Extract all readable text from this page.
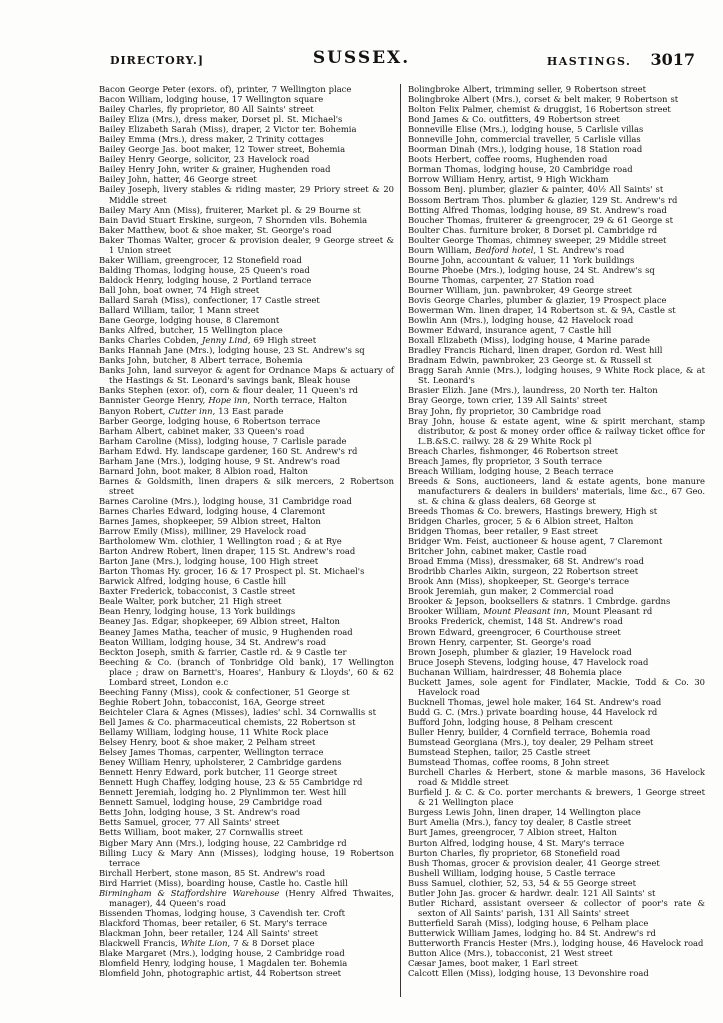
DIRECTORY.]	SUSSEX.	HASTINGS. 3017
Bacon George Peter (exors. of), printer, 7 Wellington place
Bacon William, lodging house, 17 Wellington square
Bailey Charles, fly proprietor, 80 All Saints' street
Bailey Eliza (Mrs.), dress maker, Dorset pl. St. Michael's
Bailey Elizabeth Sarah (Miss), draper, 2 Victor ter. Bohemia
Bailey Emma (Mrs.), dress maker, 2 Trinity cottages
Bailey George Jas. boot maker, 12 Tower street, Bohemia
Bailey Henry George, solicitor, 23 Havelock road
Bailey Henry John, writer & grainer, Hughenden road
Bailey John, hatter, 46 George street
Bailey Joseph, livery stables & riding master, 29 Priory street & 20 Middle street
Bailey Mary Ann (Miss), fruiterer, Market pl. & 29 Bourne st
Bain David Stuart Erskine, surgeon, 7 Shornden vils. Bohemia
Baker Matthew, boot & shoe maker, St. George's road
Baker Thomas Walter, grocer & provision dealer, 9 George street & 1 Union street
Baker William, greengrocer, 12 Stonefield road
Balding Thomas, lodging house, 25 Queen's road
Baldock Henry, lodging house, 2 Portland terrace
Ball John, boat owner, 74 High street
Ballard Sarah (Miss), confectioner, 17 Castle street
Ballard William, tailor, 1 Mann street
Bane George, lodging house, 8 Claremont
Banks Alfred, butcher, 15 Wellington place
Banks Charles Cobden, Jenny Lind, 69 High street
Banks Hannah Jane (Mrs.), lodging house, 23 St. Andrew's sq
Banks John, butcher, 8 Albert terrace, Bohemia
Banks John, land surveyor & agent for Ordnance Maps & actuary of the Hastings & St. Leonard's savings bank, Bleak house
Banks Stephen (exor. of), corn & flour dealer, 11 Queen's rd
Bannister George Henry, Hope inn, North terrace, Halton
Banyon Robert, Cutter inn, 13 East parade
Barber George, lodging house, 6 Robertson terrace
Barham Albert, cabinet maker, 33 Queen's road
Barham Caroline (Miss), lodging house, 7 Carlisle parade
Barham Edwd. Hy. landscape gardener, 160 St. Andrew's rd
Barham Jane (Mrs.), lodging house, 9 St. Andrew's road
Barnard John, boot maker, 8 Albion road, Halton
Barnes & Goldsmith, linen drapers & silk mercers, 2 Robertson street
Barnes Caroline (Mrs.), lodging house, 31 Cambridge road
Barnes Charles Edward, lodging house, 4 Claremont
Barnes James, shopkeeper, 59 Albion street, Halton
Barrow Emily (Miss), milliner, 29 Havelock road
Bartholomew Wm. clothier, 1 Wellington road ; & at Rye
Barton Andrew Robert, linen draper, 115 St. Andrew's road
Barton Jane (Mrs.), lodging house, 100 High street
Barton Thomas Hy. grocer, 16 & 17 Prospect pl. St. Michael's
Barwick Alfred, lodging house, 6 Castle hill
Baxter Frederick, tobacconist, 3 Castle street
Beale Walter, pork butcher, 21 High street
Bean Henry, lodging house, 13 York buildings
Beaney Jas. Edgar, shopkeeper, 69 Albion street, Halton
Beaney James Matha, teacher of music, 9 Hughenden road
Beaton William, lodging house, 34 St. Andrew's road
Beckton Joseph, smith & farrier, Castle rd. & 9 Castle ter
Beeching & Co. (branch of Tonbridge Old bank), 17 Wellington place ; draw on Barnett's, Hoares', Hanbury & Lloyds', 60 & 62 Lombard street, London e.c
Beeching Fanny (Miss), cook & confectioner, 51 George st
Beghie Robert John, tobacconist, 16A, George street
Beichteler Clara & Agnes (Misses), ladies' schl. 34 Cornwallis st
Bell James & Co. pharmaceutical chemists, 22 Robertson st
Bellamy William, lodging house, 11 White Rock place
Belsey Henry, boot & shoe maker, 2 Pelham street
Belsey James Thomas, carpenter, Wellington terrace
Beney William Henry, upholsterer, 2 Cambridge gardens
Bennett Henry Edward, pork butcher, 11 George street
Bennett Hugh Chaffey, lodging house, 23 & 55 Cambridge rd
Bennett Jeremiah, lodging ho. 2 Plynlimmon ter. West hill
Bennett Samuel, lodging house, 29 Cambridge road
Betts John, lodging house, 3 St. Andrew's road
Betts Samuel, grocer, 77 All Saints' street
Betts William, boot maker, 27 Cornwallis street
Bigber Mary Ann (Mrs.), lodging house, 22 Cambridge rd
Billing Lucy & Mary Ann (Misses), lodging house, 19 Robertson terrace
Birchall Herbert, stone mason, 85 St. Andrew's road
Bird Harriet (Miss), boarding house, Castle ho. Castle hill
Birmingham & Staffordshire Warehouse (Henry Alfred Thwaites, manager), 44 Queen's road
Bissenden Thomas, lodging house, 3 Cavendish ter. Croft
Blackford Thomas, beer retailer, 6 St. Mary's terrace
Blackman John, beer retailer, 124 All Saints' street
Blackwell Francis, White Lion, 7 & 8 Dorset place
Blake Margaret (Mrs.), lodging house, 2 Cambridge road
Blomfield Henry, lodging house, 1 Magdalen ter. Bohemia
Blomfield John, photographic artist, 44 Robertson street
Bolingbroke Albert, trimming seller, 9 Robertson street
Bolingbroke Albert (Mrs.), corset & belt maker, 9 Robertson st
Bolton Felix Palmer, chemist & druggist, 16 Robertson street
Bond James & Co. outfitters, 49 Robertson street
Bonneville Elise (Mrs.), lodging house, 5 Carlisle villas
Bonneville John, commercial traveller, 5 Carlisle villas
Boorman Dinah (Mrs.), lodging house, 18 Station road
Boots Herbert, coffee rooms, Hughenden road
Borman Thomas, lodging house, 20 Cambridge road
Borrow William Henry, artist, 9 High Wickham
Bossom Benj. plumber, glazier & painter, 40½ All Saints' st
Bossom Bertram Thos. plumber & glazier, 129 St. Andrew's rd
Botting Alfred Thomas, lodging house, 89 St. Andrew's road
Boucher Thomas, fruiterer & greengrocer, 29 & 61 George st
Boulter Chas. furniture broker, 8 Dorset pl. Cambridge rd
Boulter George Thomas, chimney sweeper, 29 Middle street
Bourn William, Bedford hotel, 1 St. Andrew's road
Bourne John, accountant & valuer, 11 York buildings
Bourne Phoebe (Mrs.), lodging house, 24 St. Andrew's sq
Bourne Thomas, carpenter, 27 Station road
Bourner William, jun. pawnbroker, 49 George street
Bovis George Charles, plumber & glazier, 19 Prospect place
Bowerman Wm. linen draper, 14 Robertson st. & 9A, Castle st
Bowlin Ann (Mrs.), lodging house, 42 Havelock road
Bowmer Edward, insurance agent, 7 Castle hill
Boxall Elizabeth (Miss), lodging house, 4 Marine parade
Bradley Francis Richard, linen draper, Gordon rd. West hill
Bradnam Edwin, pawnbroker, 23 George st. & Russell st
Bragg Sarah Annie (Mrs.), lodging houses, 9 White Rock place, & at St. Leonard's
Brasier Elizh. Jane (Mrs.), laundress, 20 North ter. Halton
Bray George, town crier, 139 All Saints' street
Bray John, fly proprietor, 30 Cambridge road
Bray John, house & estate agent, wine & spirit merchant, stamp distributor, & post & money order office & railway ticket office for L.B.&S.C. railwy. 28 & 29 White Rock pl
Breach Charles, fishmonger, 46 Robertson street
Breach James, fly proprietor, 3 South terrace
Breach William, lodging house, 2 Beach terrace
Breeds & Sons, auctioneers, land & estate agents, bone manure manufacturers & dealers in builders' materials, lime &c., 67 Geo. st. & china & glass dealers, 68 George st
Breeds Thomas & Co. brewers, Hastings brewery, High st
Bridgen Charles, grocer, 5 & 6 Albion street, Halton
Bridgen Thomas, beer retailer, 9 East street
Bridger Wm. Feist, auctioneer & house agent, 7 Claremont
Britcher John, cabinet maker, Castle road
Broad Emma (Miss), dressmaker, 68 St. Andrew's road
Brodribb Charles Aikin, surgeon, 22 Robertson street
Brook Ann (Miss), shopkeeper, St. George's terrace
Brook Jeremiah, gun maker, 2 Commercial road
Brooker & Jepson, booksellers & statnrs. 1 Cmbrdge. gardns
Brooker William, Mount Pleasant inn, Mount Pleasant rd
Brooks Frederick, chemist, 148 St. Andrew's road
Brown Edward, greengrocer, 6 Courthouse street
Brown Henry, carpenter, St. George's road
Brown Joseph, plumber & glazier, 19 Havelock road
Bruce Joseph Stevens, lodging house, 47 Havelock road
Buchanan William, hairdresser, 48 Bohemia place
Buckett James, sole agent for Findlater, Mackie, Todd & Co. 30 Havelock road
Bucknell Thomas, jewel hole maker, 164 St. Andrew's road
Budd G. C. (Mrs.) private boarding house, 44 Havelock rd
Bufford John, lodging house, 8 Pelham crescent
Buller Henry, builder, 4 Cornfield terrace, Bohemia road
Bumstead Georgiana (Mrs.), toy dealer, 29 Pelham street
Bumstead Stephen, tailor, 25 Castle street
Bumstead Thomas, coffee rooms, 8 John street
Burchell Charles & Herbert, stone & marble masons, 36 Havelock road & Middle street
Burfield J. & C. & Co. porter merchants & brewers, 1 George street & 21 Wellington place
Burgess Lewis John, linen draper, 14 Wellington place
Burt Amelia (Mrs.), fancy toy dealer, 8 Castle street
Burt James, greengrocer, 7 Albion street, Halton
Burton Alfred, lodging house, 4 St. Mary's terrace
Burton Charles, fly proprietor, 68 Stonefield road
Bush Thomas, grocer & provision dealer, 41 George street
Bushell William, lodging house, 5 Castle terrace
Buss Samuel, clothier, 52, 53, 54 & 55 George street
Butler John Jas. grocer & hardwr. dealr. 121 All Saints' st
Butler Richard, assistant overseer & collector of poor's rate & sexton of All Saints' parish, 131 All Saints' street
Butterfield Sarah (Miss), lodging house, 6 Pelham place
Butterwick William James, lodging ho. 84 St. Andrew's rd
Butterworth Francis Hester (Mrs.), lodging house, 46 Havelock road
Button Alice (Mrs.), tobacconist, 21 West street
Cæsar James, boot maker, 1 Earl street
Calcott Ellen (Miss), lodging house, 13 Devonshire road
